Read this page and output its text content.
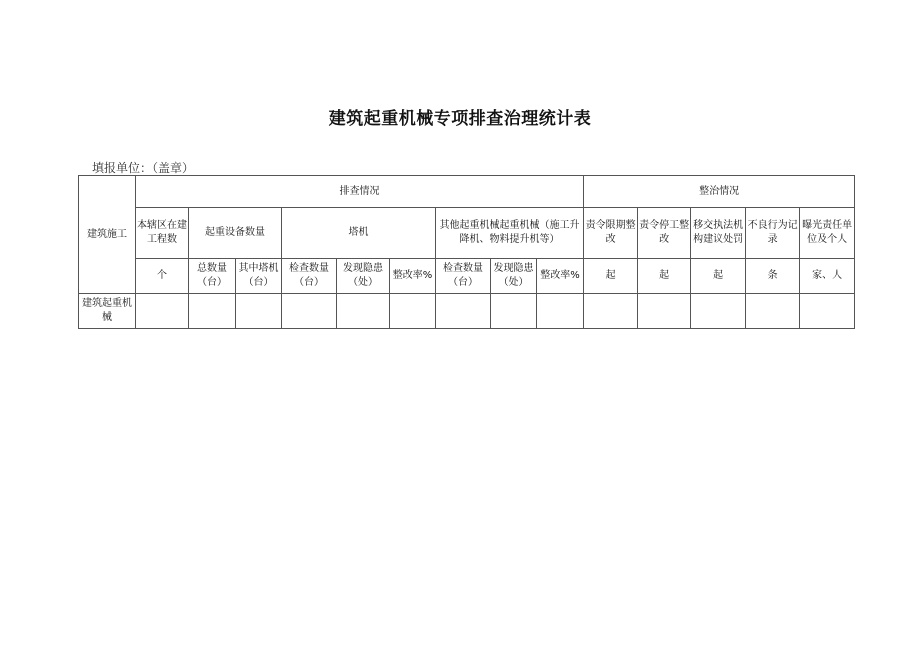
建筑起重机械专项排查治理统计表
填报单位：（盖章）
建筑施工	排查情况									整治情况				
	本辖区在建工程数	起重设备数量		塔机			其他起重机械起重机械（施工升降机、物料提升机等）			责令限期整改	责令停工整改	移交执法机构建议处罚	不良行为记录	曝光责任单位及个人
	个	总数量（台）	其中塔机（台）	检查数量（台）	发现隐患（处）	整改率%	检查数量（台）	发现隐患（处）	整改率%	起	起	起	条	家、人
建筑起重机械														
